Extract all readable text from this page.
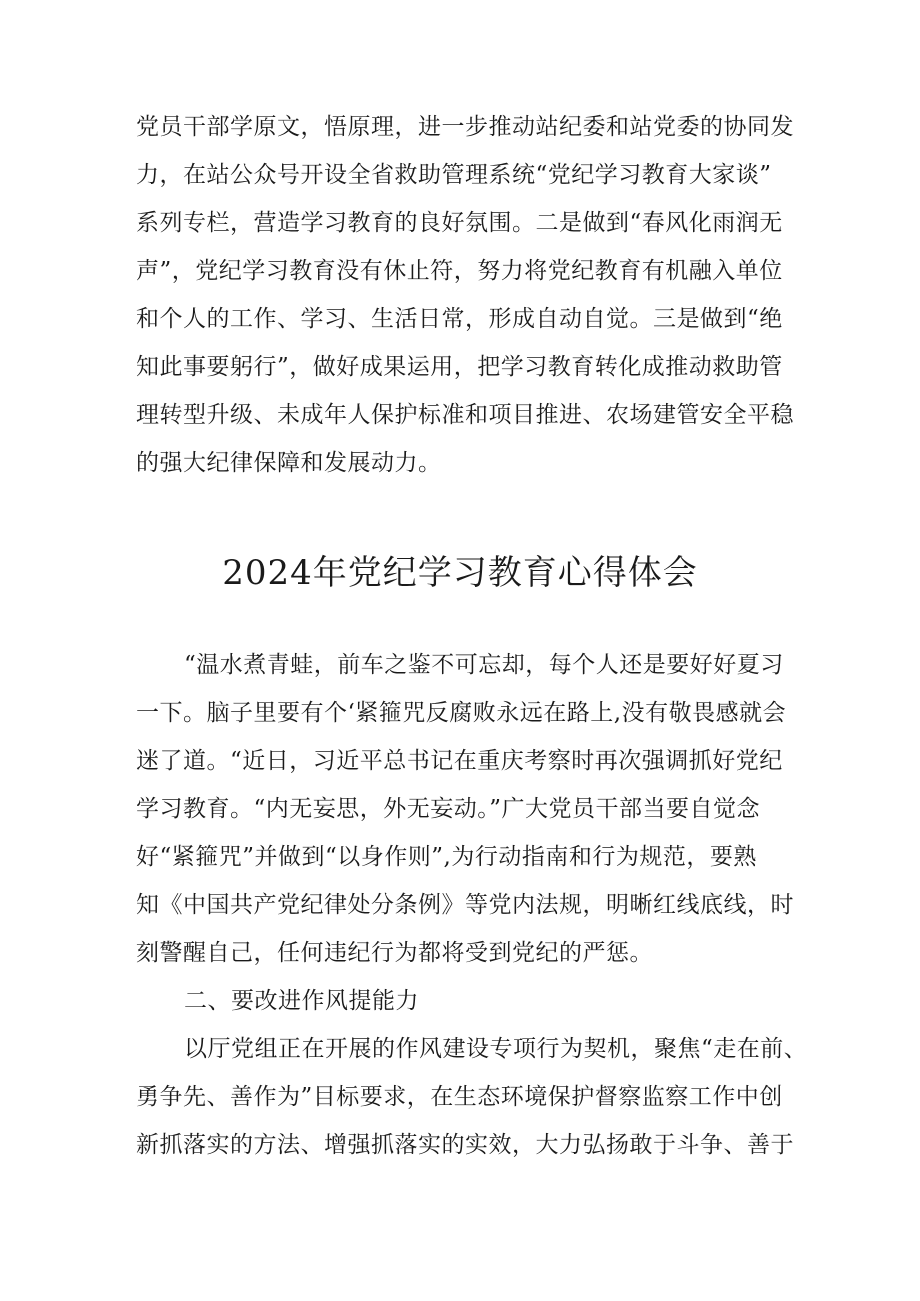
党员干部学原文，悟原理，进一步推动站纪委和站党委的协同发
力，在站公众号开设全省救助管理系统“党纪学习教育大家谈”
系列专栏，营造学习教育的良好氛围。二是做到“春风化雨润无
声”，党纪学习教育没有休止符，努力将党纪教育有机融入单位
和个人的工作、学习、生活日常，形成自动自觉。三是做到“绝
知此事要躬行”，做好成果运用，把学习教育转化成推动救助管
理转型升级、未成年人保护标准和项目推进、农场建管安全平稳
的强大纪律保障和发展动力。
2024年党纪学习教育心得体会
“温水煮青蛙，前车之鉴不可忘却，每个人还是要好好夏习
一下。脑子里要有个‘紧箍咒反腐败永远在路上,没有敬畏感就会
迷了道。“近日，习近平总书记在重庆考察时再次强调抓好党纪
学习教育。“内无妄思，外无妄动。”广大党员干部当要自觉念
好“紧箍咒”并做到“以身作则”,为行动指南和行为规范，要熟
知《中国共产党纪律处分条例》等党内法规，明晰红线底线，时
刻警醒自己，任何违纪行为都将受到党纪的严惩。
二、要改进作风提能力
以厅党组正在开展的作风建设专项行为契机，聚焦“走在前、
勇争先、善作为”目标要求，在生态环境保护督察监察工作中创
新抓落实的方法、增强抓落实的实效，大力弘扬敢于斗争、善于
